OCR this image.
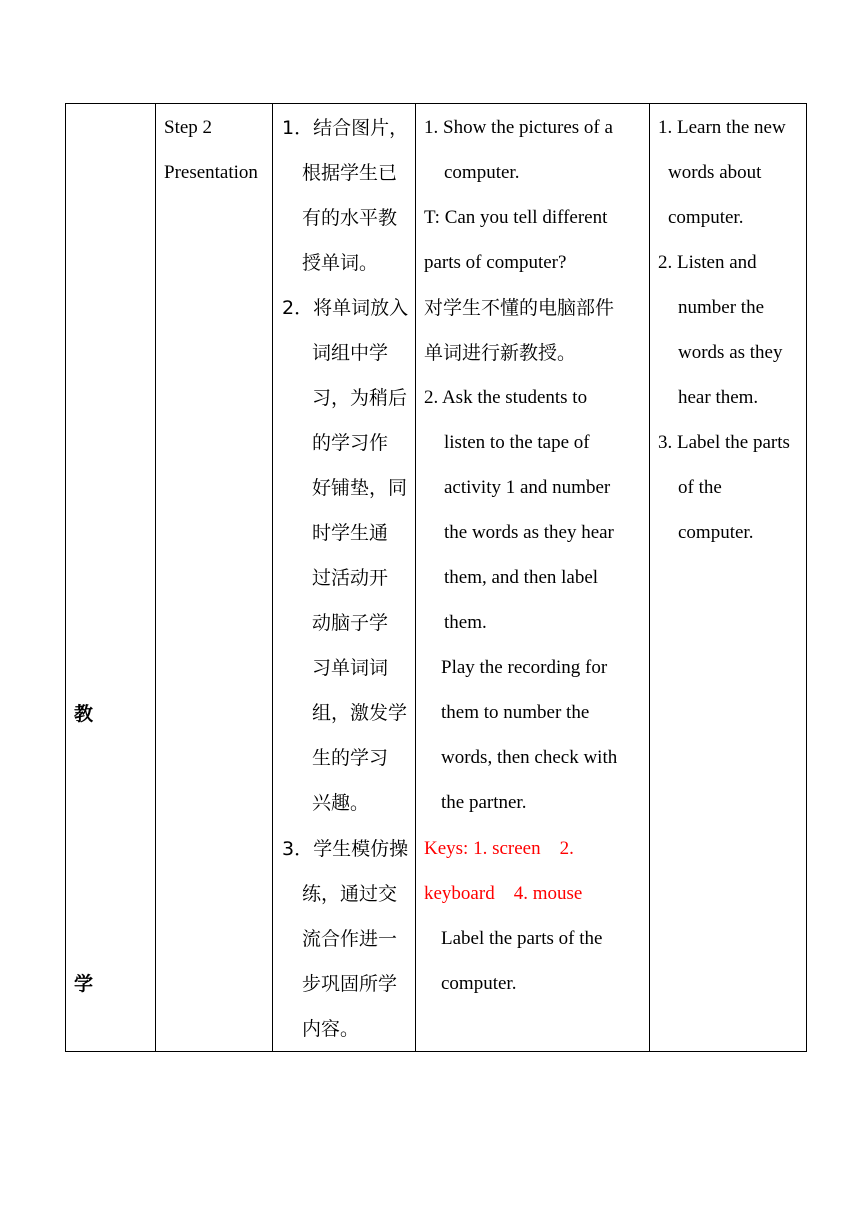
教
学
Step 2
Presentation
1．结合图片，
根据学生已
有的水平教
授单词。
2．将单词放入
词组中学
习，为稍后
的学习作
好铺垫，同
时学生通
过活动开
动脑子学
习单词词
组，激发学
生的学习
兴趣。
3．学生模仿操
练，通过交
流合作进一
步巩固所学
内容。
1. Show the pictures of a
computer.
T: Can you tell different
parts of computer?
对学生不懂的电脑部件
单词进行新教授。
2. Ask the students to
listen to the tape of
activity 1 and number
the words as they hear
them, and then label
them.
Play the recording for
them to number the
words, then check with
the partner.
Keys: 1. screen    2.
keyboard    4. mouse
Label the parts of the
computer.
1. Learn the new
words about
computer.
2. Listen and
number the
words as they
hear them.
3. Label the parts
of the
computer.
